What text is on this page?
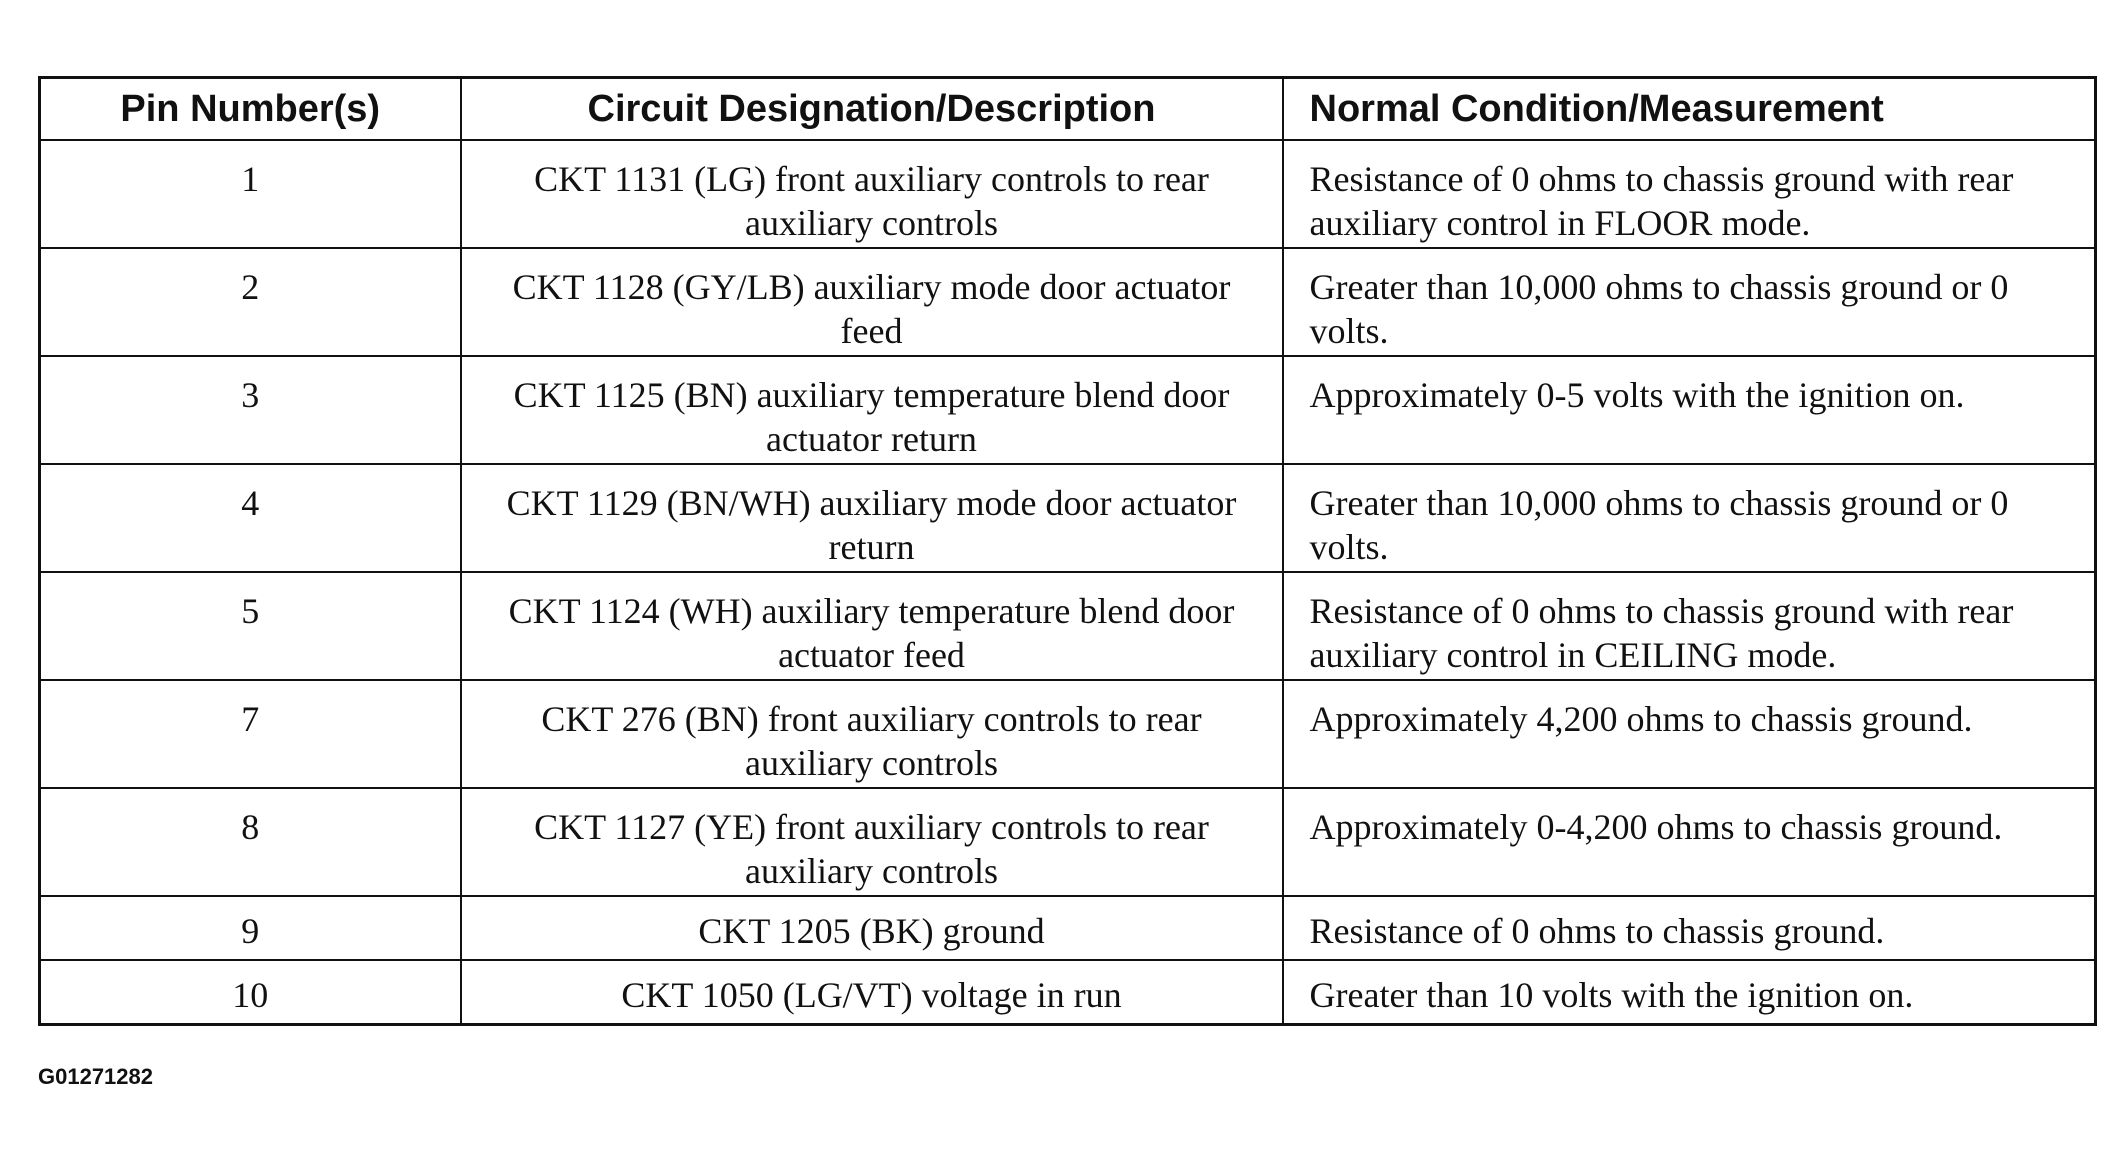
Pin Number(s)	Circuit Designation/Description	Normal Condition/Measurement
1	CKT 1131 (LG) front auxiliary controls to rear auxiliary controls	Resistance of 0 ohms to chassis ground with rear auxiliary control in FLOOR mode.
2	CKT 1128 (GY/LB) auxiliary mode door actuator feed	Greater than 10,000 ohms to chassis ground or 0 volts.
3	CKT 1125 (BN) auxiliary temperature blend door actuator return	Approximately 0-5 volts with the ignition on.
4	CKT 1129 (BN/WH) auxiliary mode door actuator return	Greater than 10,000 ohms to chassis ground or 0 volts.
5	CKT 1124 (WH) auxiliary temperature blend door actuator feed	Resistance of 0 ohms to chassis ground with rear auxiliary control in CEILING mode.
7	CKT 276 (BN) front auxiliary controls to rear auxiliary controls	Approximately 4,200 ohms to chassis ground.
8	CKT 1127 (YE) front auxiliary controls to rear auxiliary controls	Approximately 0-4,200 ohms to chassis ground.
9	CKT 1205 (BK) ground	Resistance of 0 ohms to chassis ground.
10	CKT 1050 (LG/VT) voltage in run	Greater than 10 volts with the ignition on.
G01271282
